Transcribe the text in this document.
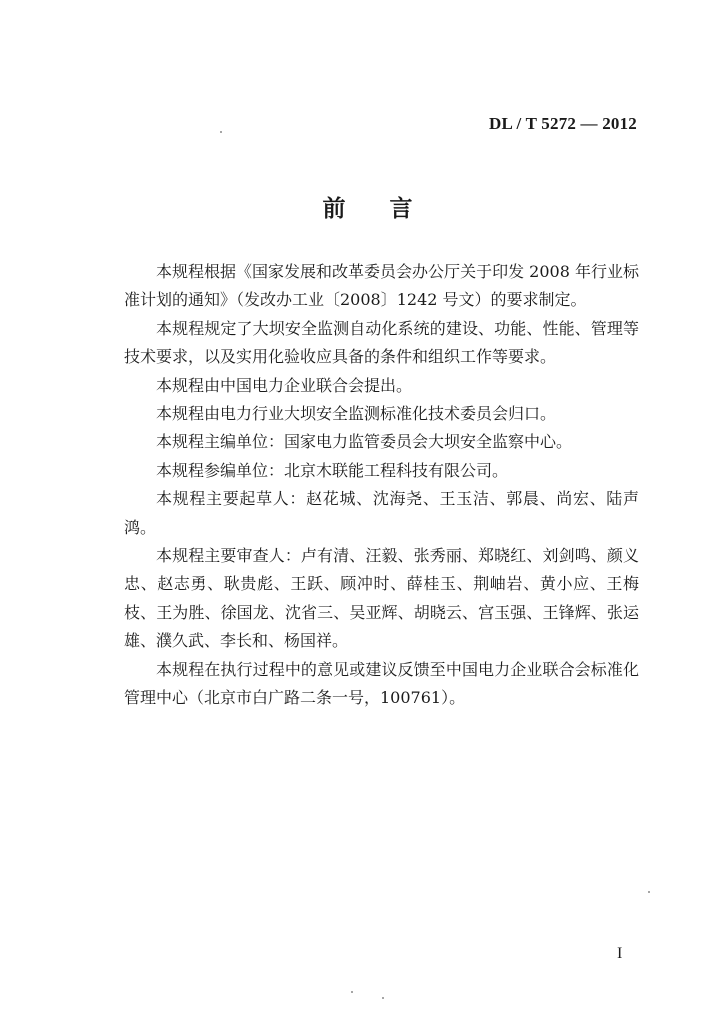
DL / T 5272 — 2012
前言

本规程根据《国家发展和改革委员会办公厅关于印发 2008 年行业标准计划的通知》（发改办工业〔2008〕1242 号文）的要求制定。

本规程规定了大坝安全监测自动化系统的建设、功能、性能、管理等技术要求，以及实用化验收应具备的条件和组织工作等要求。

本规程由中国电力企业联合会提出。

本规程由电力行业大坝安全监测标准化技术委员会归口。

本规程主编单位：国家电力监管委员会大坝安全监察中心。

本规程参编单位：北京木联能工程科技有限公司。

本规程主要起草人：赵花城、沈海尧、王玉洁、郭晨、尚宏、陆声鸿。

本规程主要审查人：卢有清、汪毅、张秀丽、郑晓红、刘剑鸣、颜义忠、赵志勇、耿贵彪、王跃、顾冲时、薛桂玉、荆岫岩、黄小应、王梅枝、王为胜、徐国龙、沈省三、吴亚辉、胡晓云、宫玉强、王锋辉、张运雄、濮久武、李长和、杨国祥。

本规程在执行过程中的意见或建议反馈至中国电力企业联合会标准化管理中心（北京市白广路二条一号，100761）。

I
